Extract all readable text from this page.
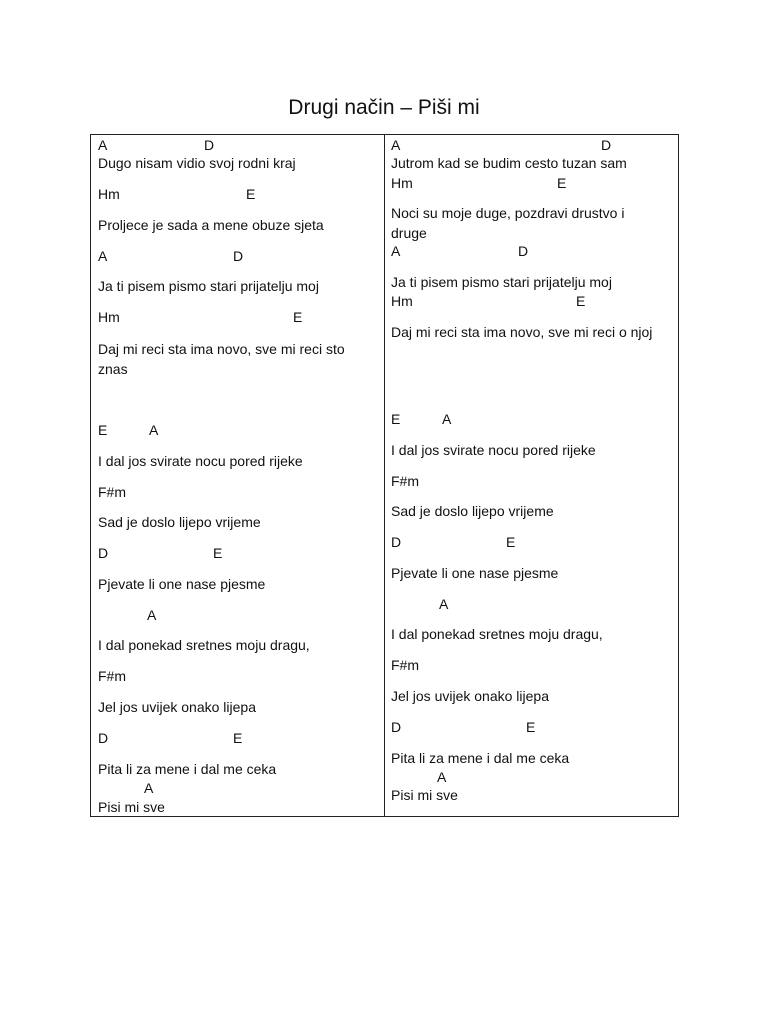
Drugi način – Piši mi
A	D
Dugo nisam vidio svoj rodni kraj
Hm	E
Proljece je sada a mene obuze sjeta
A	D
Ja ti pisem pismo stari prijatelju moj
Hm	E
Daj mi reci sta ima novo, sve mi reci sto
znas
E	A
I dal jos svirate nocu pored rijeke
F#m
Sad je doslo lijepo vrijeme
D	E
Pjevate li one nase pjesme
A
I dal ponekad sretnes moju dragu,
F#m
Jel jos uvijek onako lijepa
D	E
Pita li za mene i dal me ceka
A
Pisi mi sve
A	D
Jutrom kad se budim cesto tuzan sam
Hm	E
Noci su moje duge, pozdravi drustvo i
druge
A	D
Ja ti pisem pismo stari prijatelju moj
Hm	E
Daj mi reci sta ima novo, sve mi reci o njoj
E	A
I dal jos svirate nocu pored rijeke
F#m
Sad je doslo lijepo vrijeme
D	E
Pjevate li one nase pjesme
A
I dal ponekad sretnes moju dragu,
F#m
Jel jos uvijek onako lijepa
D	E
Pita li za mene i dal me ceka
A
Pisi mi sve
